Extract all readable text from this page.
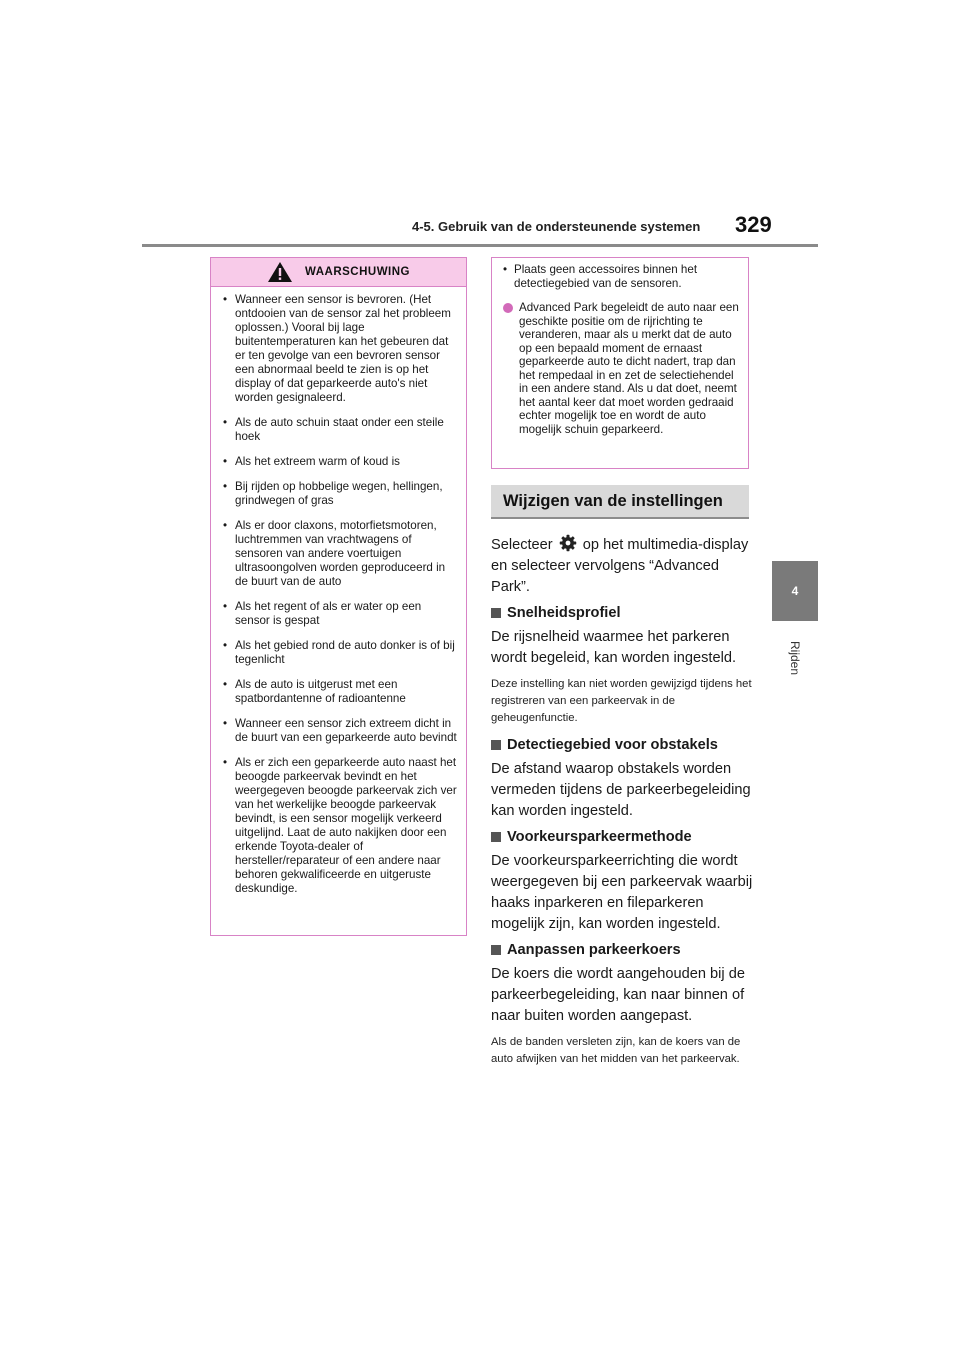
4-5. Gebruik van de ondersteunende systemen 329
4
Rijden
WAARSCHUWING
• Wanneer een sensor is bevroren. (Het ontdooien van de sensor zal het probleem oplossen.) Vooral bij lage buitentemperaturen kan het gebeuren dat er ten gevolge van een bevroren sensor een abnormaal beeld te zien is op het display of dat geparkeerde auto's niet worden gesignaleerd.
• Als de auto schuin staat onder een steile hoek
• Als het extreem warm of koud is
• Bij rijden op hobbelige wegen, hellingen, grindwegen of gras
• Als er door claxons, motorfietsmotoren, luchtremmen van vrachtwagens of sensoren van andere voertuigen ultrasoongolven worden geproduceerd in de buurt van de auto
• Als het regent of als er water op een sensor is gespat
• Als het gebied rond de auto donker is of bij tegenlicht
• Als de auto is uitgerust met een spatbordantenne of radioantenne
• Wanneer een sensor zich extreem dicht in de buurt van een geparkeerde auto bevindt
• Als er zich een geparkeerde auto naast het beoogde parkeervak bevindt en het weergegeven beoogde parkeervak zich ver van het werkelijke beoogde parkeervak bevindt, is een sensor mogelijk verkeerd uitgelijnd. Laat de auto nakijken door een erkende Toyota-dealer of hersteller/reparateur of een andere naar behoren gekwalificeerde en uitgeruste deskundige.
• Plaats geen accessoires binnen het detectiegebied van de sensoren.
Advanced Park begeleidt de auto naar een geschikte positie om de rijrichting te veranderen, maar als u merkt dat de auto op een bepaald moment de ernaast geparkeerde auto te dicht nadert, trap dan het rempedaal in en zet de selectiehendel in een andere stand. Als u dat doet, neemt het aantal keer dat moet worden gedraaid echter mogelijk toe en wordt de auto mogelijk schuin geparkeerd.
Wijzigen van de instellingen

Selecteer op het multimedia-display en selecteer vervolgens “Advanced Park”.

Snelheidsprofiel

De rijsnelheid waarmee het parkeren wordt begeleid, kan worden ingesteld.

Deze instelling kan niet worden gewijzigd tijdens het registreren van een parkeervak in de geheugenfunctie.

Detectiegebied voor obstakels

De afstand waarop obstakels worden vermeden tijdens de parkeerbegeleiding kan worden ingesteld.

Voorkeursparkeermethode

De voorkeursparkeerrichting die wordt weergegeven bij een parkeervak waarbij haaks inparkeren en fileparkeren mogelijk zijn, kan worden ingesteld.

Aanpassen parkeerkoers

De koers die wordt aangehouden bij de parkeerbegeleiding, kan naar binnen of naar buiten worden aangepast.

Als de banden versleten zijn, kan de koers van de auto afwijken van het midden van het parkeervak.
